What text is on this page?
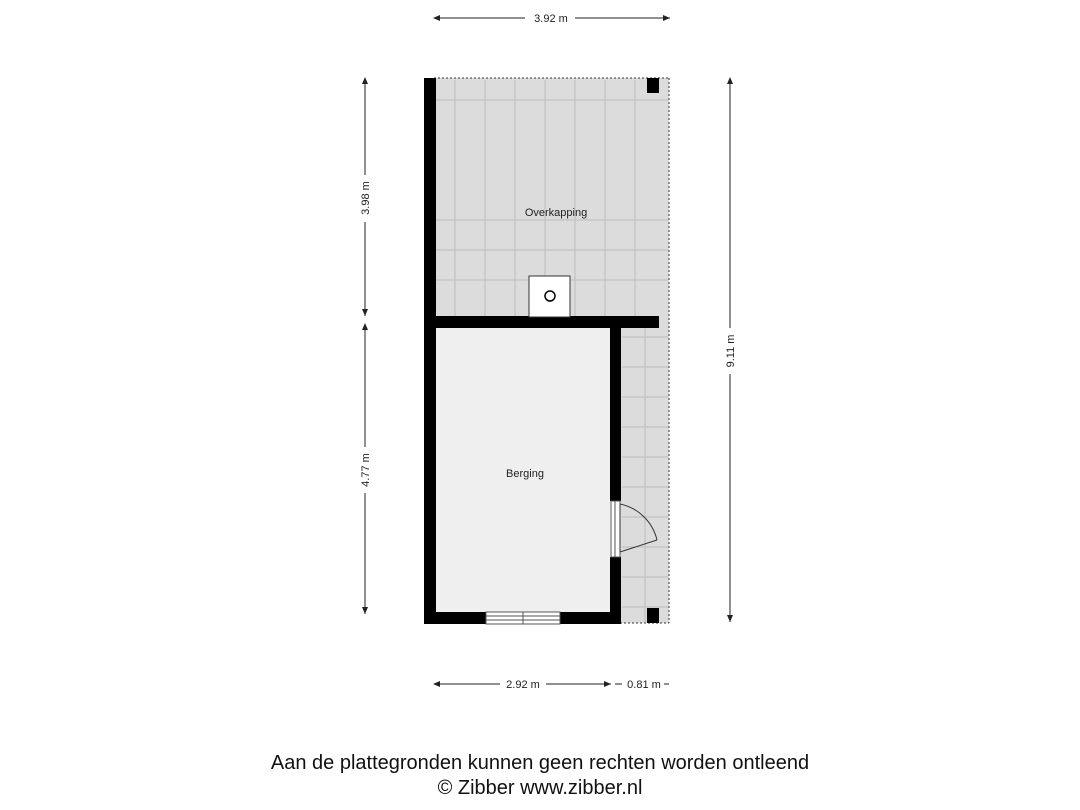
Overkapping
Berging
3.92 m
3.98 m
4.77 m
9.11 m
2.92 m	0.81 m
Aan de plattegronden kunnen geen rechten worden ontleend
© Zibber www.zibber.nl
